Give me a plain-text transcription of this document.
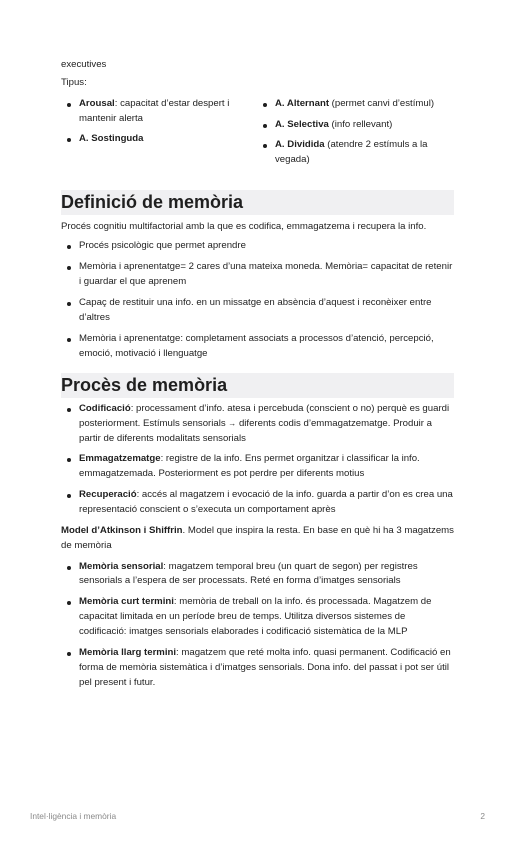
executives

Tipus:

Arousal: capacitat d’estar despert i mantenir alerta
A. Sostinguda
A. Alternant (permet canvi d’estímul)
A. Selectiva (info rellevant)
A. Dividida (atendre 2 estímuls a la vegada)
Definició de memòria

Procés cognitiu multifactorial amb la que es codifica, emmagatzema i recupera la info.

Procés psicològic que permet aprendre
Memòria i aprenentatge= 2 cares d’una mateixa moneda. Memòria= capacitat de retenir i guardar el que aprenem
Capaç de restituir una info. en un missatge en absència d’aquest i reconèixer entre d’altres
Memòria i aprenentatge: completament associats a processos d’atenció, percepció, emoció, motivació i llenguatge
Procès de memòria
Codificació: processament d’info. atesa i percebuda (conscient o no) perquè es guardi posteriorment. Estímuls sensorials → diferents codis d’emmagatzematge. Produir a partir de diferents modalitats sensorials
Emmagatzematge: registre de la info. Ens permet organitzar i classificar la info. emmagatzemada. Posteriorment es pot perdre per diferents motius
Recuperació: accés al magatzem i evocació de la info. guarda a partir d’on es crea una representació conscient o s’executa un comportament après

Model d’Atkinson i Shiffrin. Model que inspira la resta. En base en què hi ha 3 magatzems de memòria

Memòria sensorial: magatzem temporal breu (un quart de segon) per registres sensorials a l’espera de ser processats. Reté en forma d’imatges sensorials
Memòria curt termini: memòria de treball on la info. és processada. Magatzem de capacitat limitada en un període breu de temps. Utilitza diversos sistemes de codificació: imatges sensorials elaborades i codificació sistemàtica de la MLP
Memòria llarg termini: magatzem que reté molta info. quasi permanent. Codificació en forma de memòria sistemàtica i d’imatges sensorials. Dona info. del passat i pot ser útil pel present i futur.
Intel·ligència i memòria	2
